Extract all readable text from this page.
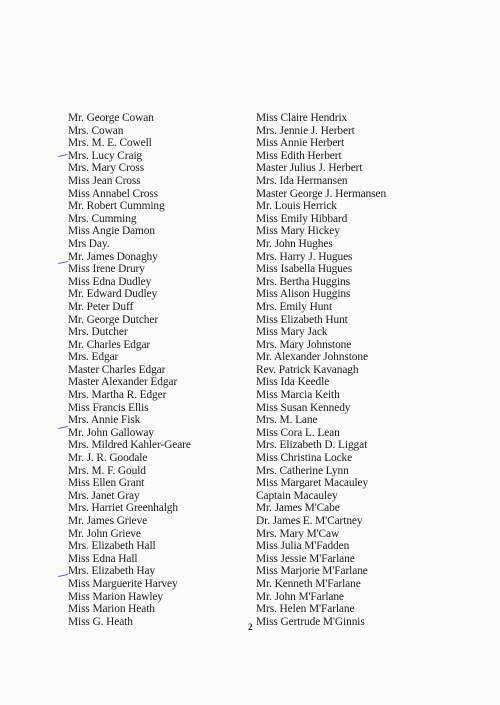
Mr. George Cowan
Mrs. Cowan
Mrs. M. E. Cowell
Mrs. Lucy Craig
Mrs. Mary Cross
Miss Jean Cross
Miss Annabel Cross
Mr. Robert Cumming
Mrs. Cumming
Miss Angie Damon
Mrs Day.
Mr. James Donaghy
Miss Irene Drury
Miss Edna Dudley
Mr. Edward Dudley
Mr. Peter Duff
Mr. George Dutcher
Mrs. Dutcher
Mr. Charles Edgar
Mrs. Edgar
Master Charles Edgar
Master Alexander Edgar
Mrs. Martha R. Edger
Miss Francis Ellis
Mrs. Annie Fisk
Mr. John Galloway
Mrs. Mildred Kahler-Geare
Mr. J. R. Goodale
Mrs. M. F. Gould
Miss Ellen Grant
Mrs. Janet Gray
Mrs. Harriet Greenhalgh
Mr. James Grieve
Mr. John Grieve
Mrs. Elizabeth Hall
Miss Edna Hall
Mrs. Elizabeth Hay
Miss Marguerite Harvey
Miss Marion Hawley
Miss Marion Heath
Miss G. Heath
Miss Claire Hendrix
Mrs. Jennie J. Herbert
Miss Annie Herbert
Miss Edith Herbert
Master Julius J. Herbert
Mrs. Ida Hermansen
Master George J. Hermansen
Mr. Louis Herrick
Miss Emily Hibbard
Miss Mary Hickey
Mr. John Hughes
Mrs. Harry J. Hugues
Miss Isabella Hugues
Mrs. Bertha Huggins
Miss Alison Huggins
Mrs. Emily Hunt
Miss Elizabeth Hunt
Miss Mary Jack
Mrs. Mary Johnstone
Mr. Alexander Johnstone
Rev. Patrick Kavanagh
Miss Ida Keedle
Miss Marcia Keith
Miss Susan Kennedy
Mrs. M. Lane
Miss Cora L. Lean
Mrs. Elizabeth D. Liggat
Miss Christina Locke
Mrs. Catherine Lynn
Miss Margaret Macauley
Captain Macauley
Mr. James M'Cabe
Dr. James E. M'Cartney
Mrs. Mary M'Caw
Miss Julia M'Fadden
Miss Jessie M'Farlane
Miss Marjorie M'Farlane
Mr. Kenneth M'Farlane
Mr. John M'Farlane
Mrs. Helen M'Farlane
Miss Gertrude M'Ginnis
2
